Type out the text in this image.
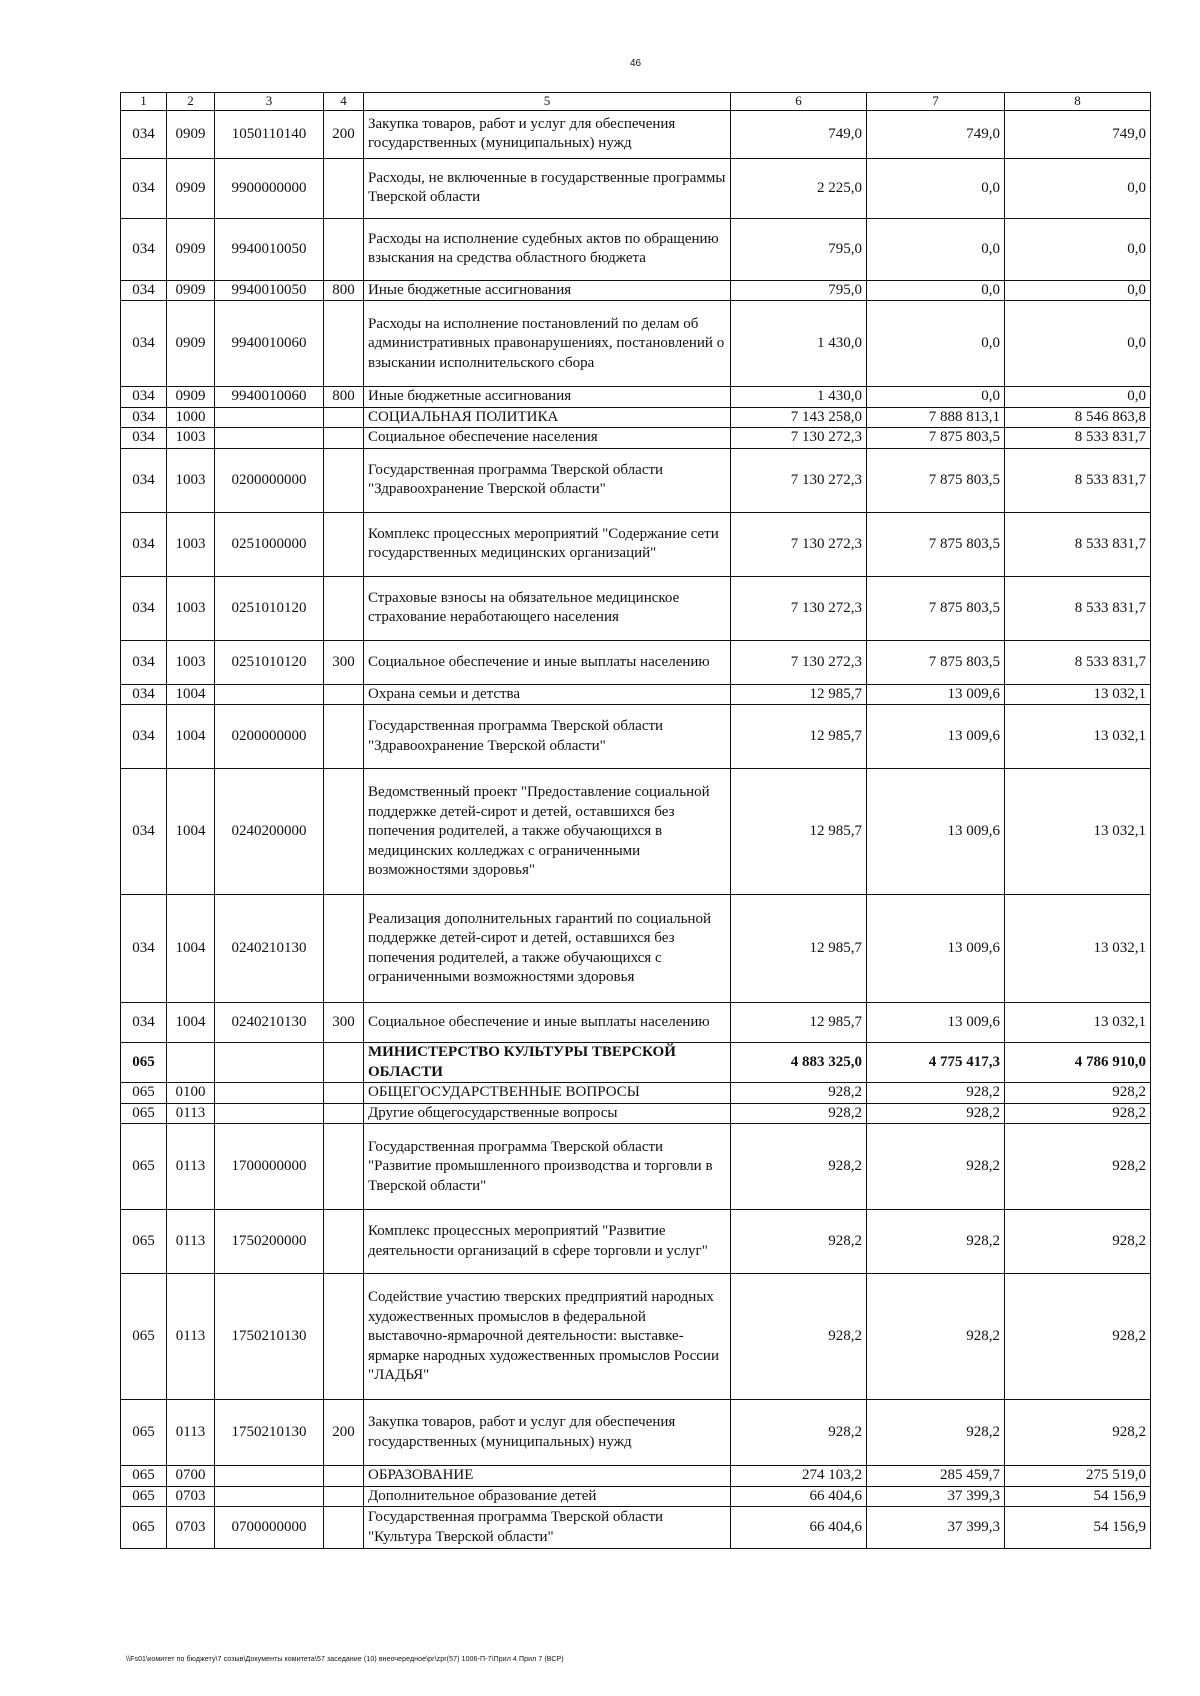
46
1	2	3	4	5	6	7	8
034	0909	1050110140	200	Закупка товаров, работ и услуг для обеспечения государственных (муниципальных) нужд	749,0	749,0	749,0
034	0909	9900000000		Расходы, не включенные в государственные программы Тверской области	2 225,0	0,0	0,0
034	0909	9940010050		Расходы на исполнение судебных актов по обращению взыскания на средства областного бюджета	795,0	0,0	0,0
034	0909	9940010050	800	Иные бюджетные ассигнования	795,0	0,0	0,0
034	0909	9940010060		Расходы на исполнение постановлений по делам об административных правонарушениях, постановлений о взыскании исполнительского сбора	1 430,0	0,0	0,0
034	0909	9940010060	800	Иные бюджетные ассигнования	1 430,0	0,0	0,0
034	1000			СОЦИАЛЬНАЯ ПОЛИТИКА	7 143 258,0	7 888 813,1	8 546 863,8
034	1003			Социальное обеспечение населения	7 130 272,3	7 875 803,5	8 533 831,7
034	1003	0200000000		Государственная программа Тверской области "Здравоохранение Тверской области"	7 130 272,3	7 875 803,5	8 533 831,7
034	1003	0251000000		Комплекс процессных мероприятий "Содержание сети государственных медицинских организаций"	7 130 272,3	7 875 803,5	8 533 831,7
034	1003	0251010120		Страховые взносы на обязательное медицинское страхование неработающего населения	7 130 272,3	7 875 803,5	8 533 831,7
034	1003	0251010120	300	Социальное обеспечение и иные выплаты населению	7 130 272,3	7 875 803,5	8 533 831,7
034	1004			Охрана семьи и детства	12 985,7	13 009,6	13 032,1
034	1004	0200000000		Государственная программа Тверской области "Здравоохранение Тверской области"	12 985,7	13 009,6	13 032,1
034	1004	0240200000		Ведомственный проект "Предоставление социальной поддержке детей-сирот и детей, оставшихся без попечения родителей, а также обучающихся в медицинских колледжах с ограниченными возможностями здоровья"	12 985,7	13 009,6	13 032,1
034	1004	0240210130		Реализация дополнительных гарантий по социальной поддержке детей-сирот и детей, оставшихся без попечения родителей, а также обучающихся с ограниченными возможностями здоровья	12 985,7	13 009,6	13 032,1
034	1004	0240210130	300	Социальное обеспечение и иные выплаты населению	12 985,7	13 009,6	13 032,1
065				МИНИСТЕРСТВО КУЛЬТУРЫ ТВЕРСКОЙ ОБЛАСТИ	4 883 325,0	4 775 417,3	4 786 910,0
065	0100			ОБЩЕГОСУДАРСТВЕННЫЕ ВОПРОСЫ	928,2	928,2	928,2
065	0113			Другие общегосударственные вопросы	928,2	928,2	928,2
065	0113	1700000000		Государственная программа Тверской области "Развитие промышленного производства и торговли в Тверской области"	928,2	928,2	928,2
065	0113	1750200000		Комплекс процессных мероприятий "Развитие деятельности организаций в сфере торговли и услуг"	928,2	928,2	928,2
065	0113	1750210130		Содействие участию тверских предприятий народных художественных промыслов в федеральной выставочно-ярмарочной деятельности: выставке-ярмарке народных художественных промыслов России "ЛАДЬЯ"	928,2	928,2	928,2
065	0113	1750210130	200	Закупка товаров, работ и услуг для обеспечения государственных (муниципальных) нужд	928,2	928,2	928,2
065	0700			ОБРАЗОВАНИЕ	274 103,2	285 459,7	275 519,0
065	0703			Дополнительное образование детей	66 404,6	37 399,3	54 156,9
065	0703	0700000000		Государственная программа Тверской области "Культура Тверской области"	66 404,6	37 399,3	54 156,9
\\Fs01\комитет по бюджету\7 созыв\Документы комитета\57 заседание (10) внеочередное\pr\zpr(57) 1006-П-7\Прил 4 Прил 7 (ВСР)
